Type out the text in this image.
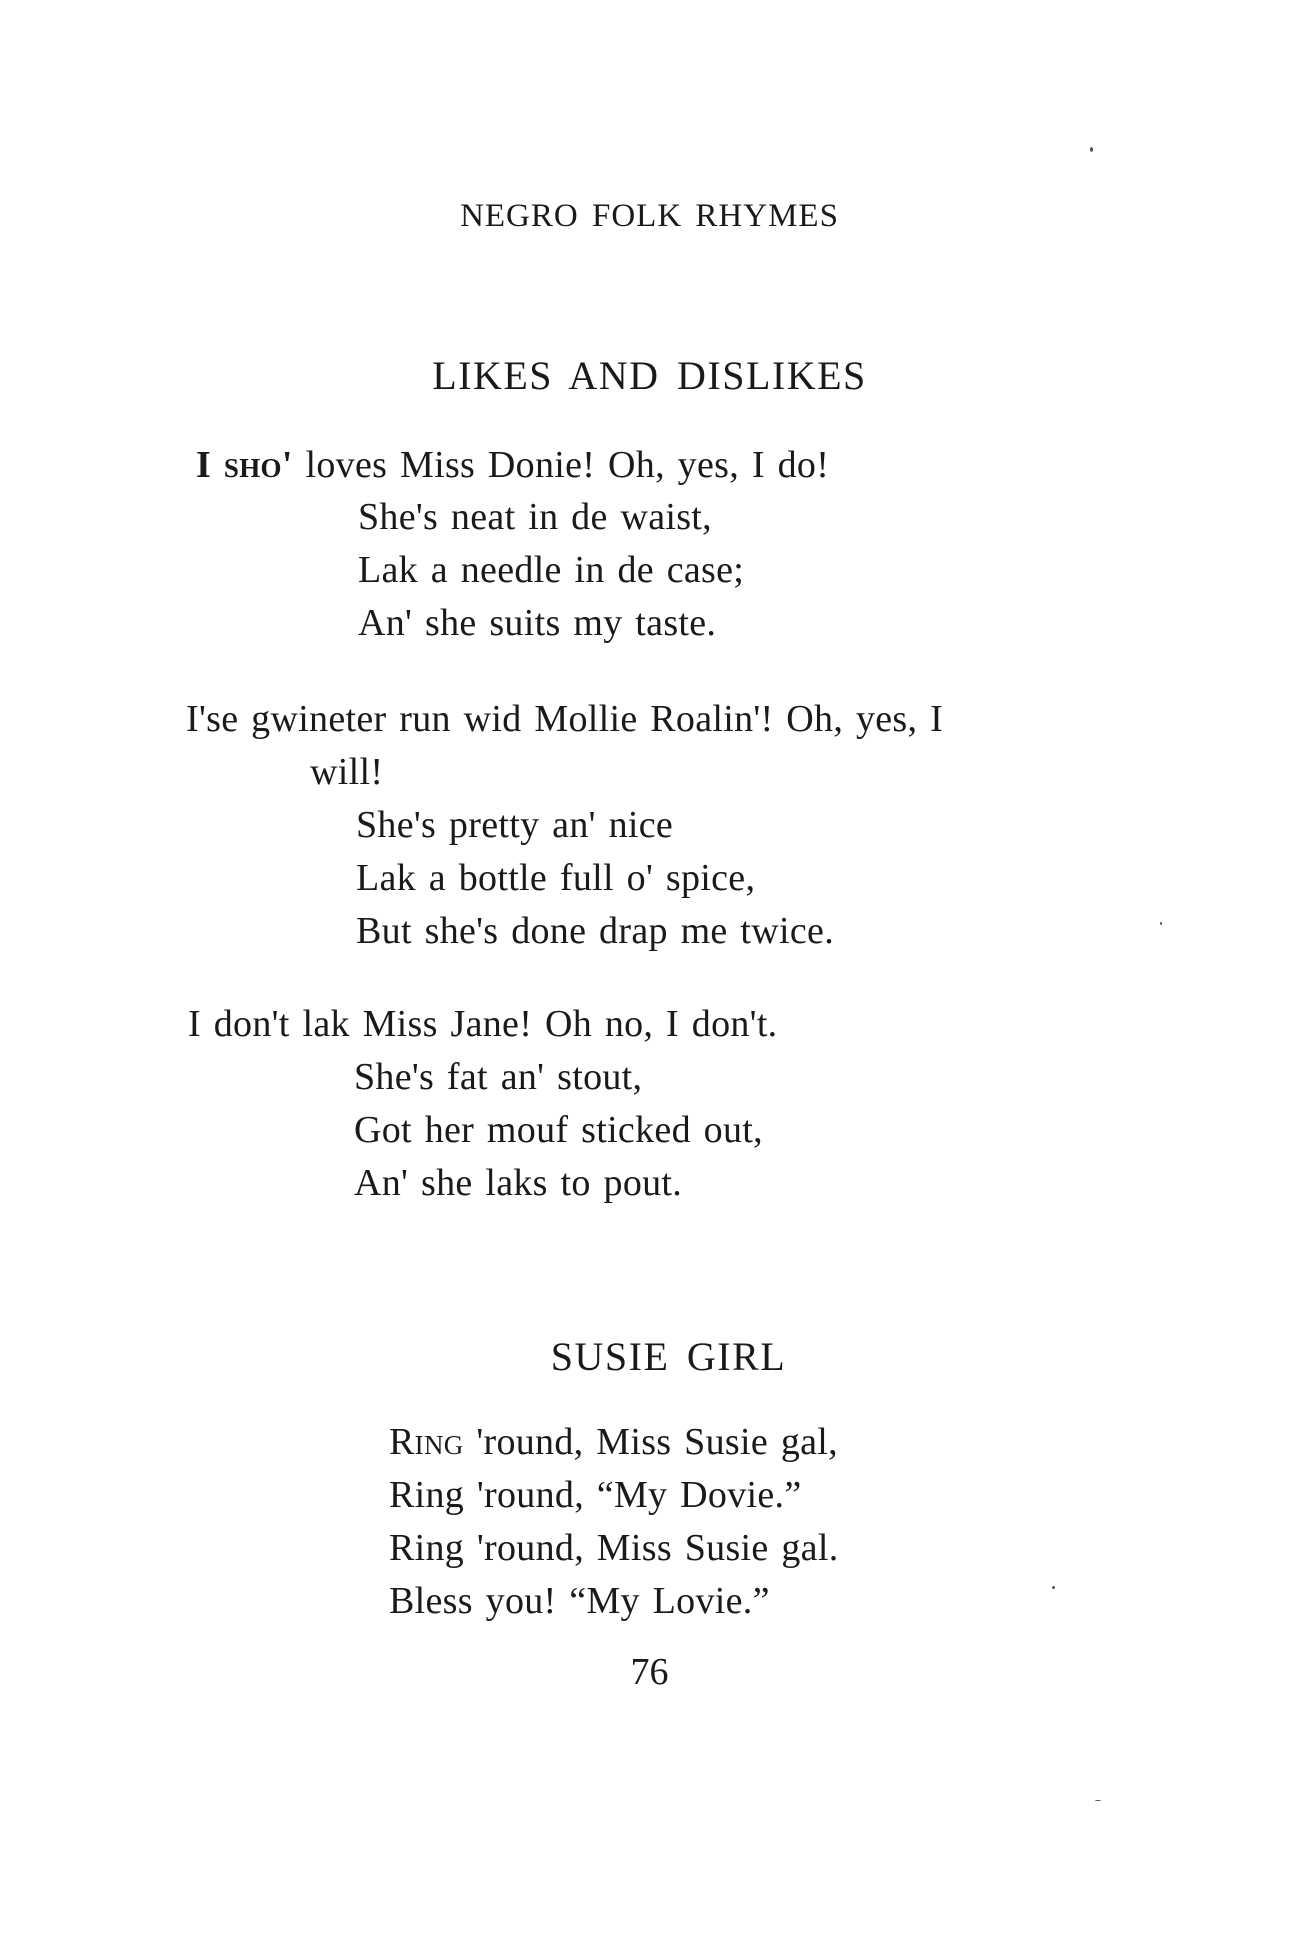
NEGRO FOLK RHYMES
LIKES AND DISLIKES
I sho' loves Miss Donie! Oh, yes, I do!
She's neat in de waist,
Lak a needle in de case;
An' she suits my taste.
I'se gwineter run wid Mollie Roalin'! Oh, yes, I
will!
She's pretty an' nice
Lak a bottle full o' spice,
But she's done drap me twice.
I don't lak Miss Jane! Oh no, I don't.
She's fat an' stout,
Got her mouf sticked out,
An' she laks to pout.
SUSIE GIRL
Ring 'round, Miss Susie gal,
Ring 'round, “My Dovie.”
Ring 'round, Miss Susie gal.
Bless you! “My Lovie.”
76
